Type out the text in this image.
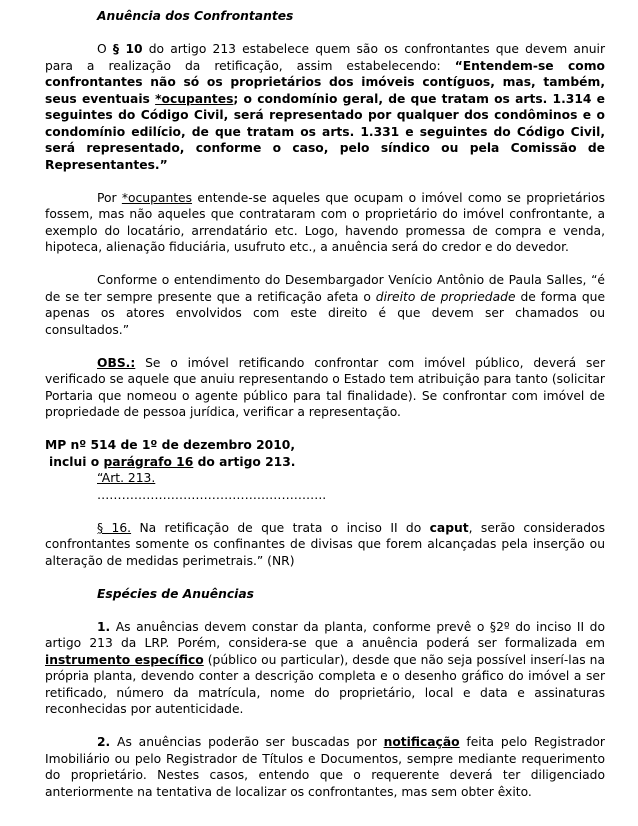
Anuência dos Confrontantes

O § 10 do artigo 213 estabelece quem são os confrontantes que devem anuir para a realização da retificação, assim estabelecendo: “Entendem-se como confrontantes não só os proprietários dos imóveis contíguos, mas, também, seus eventuais *ocupantes; o condomínio geral, de que tratam os arts. 1.314 e seguintes do Código Civil, será representado por qualquer dos condôminos e o condomínio edilício, de que tratam os arts. 1.331 e seguintes do Código Civil, será representado, conforme o caso, pelo síndico ou pela Comissão de Representantes.”

Por *ocupantes entende-se aqueles que ocupam o imóvel como se proprietários fossem, mas não aqueles que contrataram com o proprietário do imóvel confrontante, a exemplo do locatário, arrendatário etc. Logo, havendo promessa de compra e venda, hipoteca, alienação fiduciária, usufruto etc., a anuência será do credor e do devedor.

Conforme o entendimento do Desembargador Venício Antônio de Paula Salles, “é de se ter sempre presente que a retificação afeta o direito de propriedade de forma que apenas os atores envolvidos com este direito é que devem ser chamados ou consultados.”

OBS.: Se o imóvel retificando confrontar com imóvel público, deverá ser verificado se aquele que anuiu representando o Estado tem atribuição para tanto (solicitar Portaria que nomeou o agente público para tal finalidade). Se confrontar com imóvel de propriedade de pessoa jurídica, verificar a representação.

MP nº 514 de 1º de dezembro 2010,

inclui o parágrafo 16 do artigo 213.

“Art. 213.

………………………………………………..

§ 16. Na retificação de que trata o inciso II do caput, serão considerados confrontantes somente os confinantes de divisas que forem alcançadas pela inserção ou alteração de medidas perimetrais.” (NR)

Espécies de Anuências

1. As anuências devem constar da planta, conforme prevê o §2º do inciso II do artigo 213 da LRP. Porém, considera-se que a anuência poderá ser formalizada em instrumento específico (público ou particular), desde que não seja possível inserí-las na própria planta, devendo conter a descrição completa e o desenho gráfico do imóvel a ser retificado, número da matrícula, nome do proprietário, local e data e assinaturas reconhecidas por autenticidade.

2. As anuências poderão ser buscadas por notificação feita pelo Registrador Imobiliário ou pelo Registrador de Títulos e Documentos, sempre mediante requerimento do proprietário. Nestes casos, entendo que o requerente deverá ter diligenciado anteriormente na tentativa de localizar os confrontantes, mas sem obter êxito.
